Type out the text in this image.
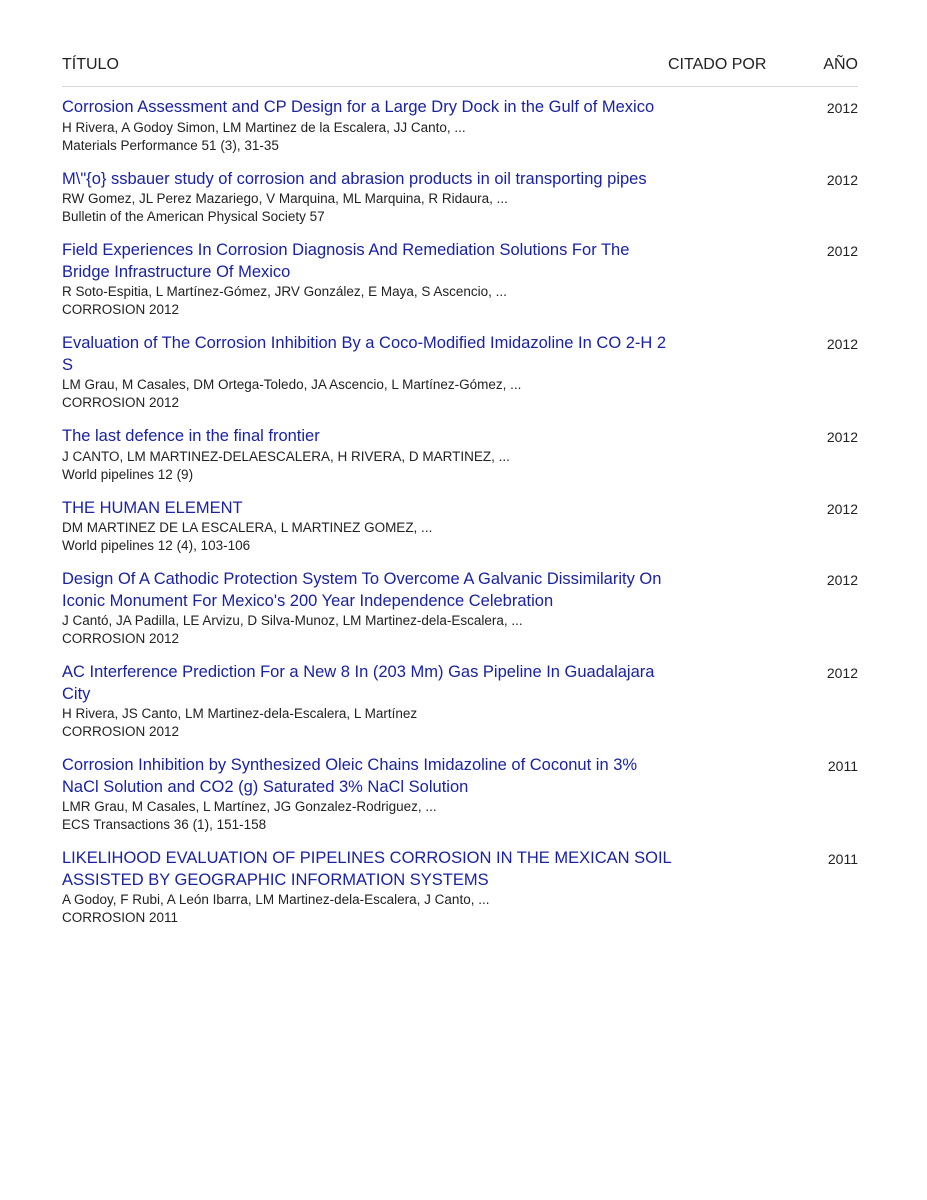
TÍTULO	CITADO POR	AÑO
Corrosion Assessment and CP Design for a Large Dry Dock in the Gulf of Mexico
H Rivera, A Godoy Simon, LM Martinez de la Escalera, JJ Canto, ...
Materials Performance 51 (3), 31-35
2012
M\"{o} ssbauer study of corrosion and abrasion products in oil transporting pipes
RW Gomez, JL Perez Mazariego, V Marquina, ML Marquina, R Ridaura, ...
Bulletin of the American Physical Society 57
2012
Field Experiences In Corrosion Diagnosis And Remediation Solutions For The Bridge Infrastructure Of Mexico
R Soto-Espitia, L Martínez-Gómez, JRV González, E Maya, S Ascencio, ...
CORROSION 2012
2012
Evaluation of The Corrosion Inhibition By a Coco-Modified Imidazoline In CO 2-H 2 S
LM Grau, M Casales, DM Ortega-Toledo, JA Ascencio, L Martínez-Gómez, ...
CORROSION 2012
2012
The last defence in the final frontier
J CANTO, LM MARTINEZ-DELAESCALERA, H RIVERA, D MARTINEZ, ...
World pipelines 12 (9)
2012
THE HUMAN ELEMENT
DM MARTINEZ DE LA ESCALERA, L MARTINEZ GOMEZ, ...
World pipelines 12 (4), 103-106
2012
Design Of A Cathodic Protection System To Overcome A Galvanic Dissimilarity On Iconic Monument For Mexico's 200 Year Independence Celebration
J Cantó, JA Padilla, LE Arvizu, D Silva-Munoz, LM Martinez-dela-Escalera, ...
CORROSION 2012
2012
AC Interference Prediction For a New 8 In (203 Mm) Gas Pipeline In Guadalajara City
H Rivera, JS Canto, LM Martinez-dela-Escalera, L Martínez
CORROSION 2012
2012
Corrosion Inhibition by Synthesized Oleic Chains Imidazoline of Coconut in 3% NaCl Solution and CO2 (g) Saturated 3% NaCl Solution
LMR Grau, M Casales, L Martínez, JG Gonzalez-Rodriguez, ...
ECS Transactions 36 (1), 151-158
2011
LIKELIHOOD EVALUATION OF PIPELINES CORROSION IN THE MEXICAN SOIL ASSISTED BY GEOGRAPHIC INFORMATION SYSTEMS
A Godoy, F Rubi, A León Ibarra, LM Martinez-dela-Escalera, J Canto, ...
CORROSION 2011
2011
